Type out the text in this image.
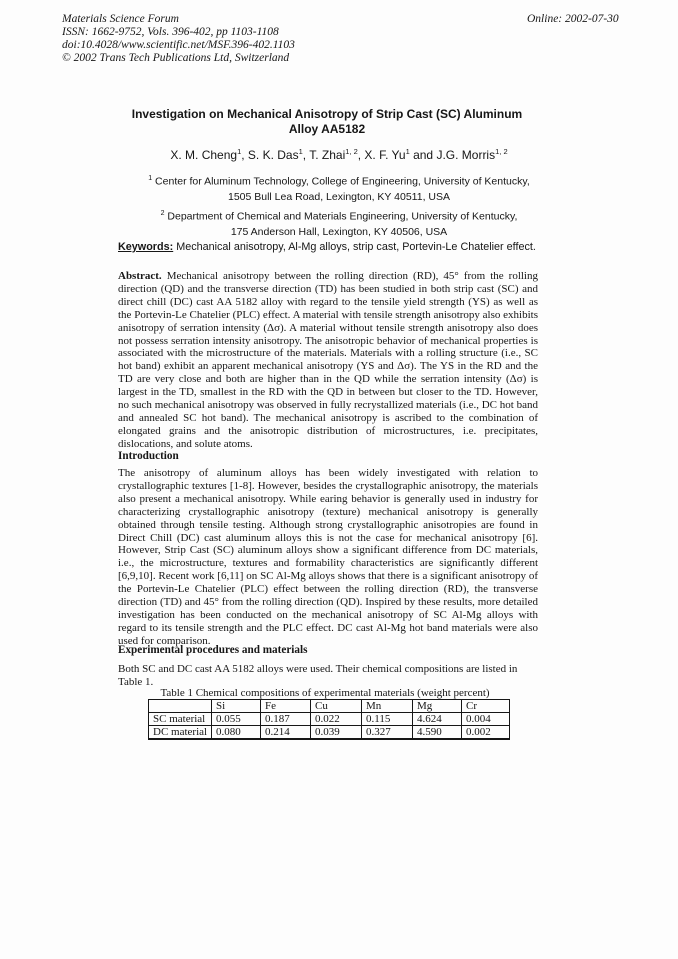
Materials Science Forum
ISSN: 1662-9752, Vols. 396-402, pp 1103-1108
doi:10.4028/www.scientific.net/MSF.396-402.1103
© 2002 Trans Tech Publications Ltd, Switzerland
Online: 2002-07-30
Investigation on Mechanical Anisotropy of Strip Cast (SC) Aluminum
Alloy AA5182
X. M. Cheng$^1$, S. K. Das$^1$, T. Zhai$^{1, 2}$, X. F. Yu$^1$ and J.G. Morris$^{1, 2}$
$^1$ Center for Aluminum Technology, College of Engineering, University of Kentucky,
1505 Bull Lea Road, Lexington, KY 40511, USA
$^2$ Department of Chemical and Materials Engineering, University of Kentucky,
175 Anderson Hall, Lexington, KY 40506, USA
Keywords: Mechanical anisotropy, Al-Mg alloys, strip cast, Portevin-Le Chatelier effect.
Abstract. Mechanical anisotropy between the rolling direction (RD), 45° from the rolling direction (QD) and the transverse direction (TD) has been studied in both strip cast (SC) and direct chill (DC) cast AA 5182 alloy with regard to the tensile yield strength (YS) as well as the Portevin-Le Chatelier (PLC) effect. A material with tensile strength anisotropy also exhibits anisotropy of serration intensity (Δσ). A material without tensile strength anisotropy also does not possess serration intensity anisotropy. The anisotropic behavior of mechanical properties is associated with the microstructure of the materials. Materials with a rolling structure (i.e., SC hot band) exhibit an apparent mechanical anisotropy (YS and Δσ). The YS in the RD and the TD are very close and both are higher than in the QD while the serration intensity (Δσ) is largest in the TD, smallest in the RD with the QD in between but closer to the TD. However, no such mechanical anisotropy was observed in fully recrystallized materials (i.e., DC hot band and annealed SC hot band). The mechanical anisotropy is ascribed to the combination of elongated grains and the anisotropic distribution of microstructures, i.e. precipitates, dislocations, and solute atoms.
Introduction
The anisotropy of aluminum alloys has been widely investigated with relation to crystallographic textures [1-8]. However, besides the crystallographic anisotropy, the materials also present a mechanical anisotropy. While earing behavior is generally used in industry for characterizing crystallographic anisotropy (texture) mechanical anisotropy is generally obtained through tensile testing. Although strong crystallographic anisotropies are found in Direct Chill (DC) cast aluminum alloys this is not the case for mechanical anisotropy [6]. However, Strip Cast (SC) aluminum alloys show a significant difference from DC materials, i.e., the microstructure, textures and formability characteristics are significantly different [6,9,10]. Recent work [6,11] on SC Al-Mg alloys shows that there is a significant anisotropy of the Portevin-Le Chatelier (PLC) effect between the rolling direction (RD), the transverse direction (TD) and 45° from the rolling direction (QD). Inspired by these results, more detailed investigation has been conducted on the mechanical anisotropy of SC Al-Mg alloys with regard to its tensile strength and the PLC effect. DC cast Al-Mg hot band materials were also used for comparison.
Experimental procedures and materials
Both SC and DC cast AA 5182 alloys were used. Their chemical compositions are listed in Table 1.
Table 1 Chemical compositions of experimental materials (weight percent)
	Si	Fe	Cu	Mn	Mg	Cr
SC material	0.055	0.187	0.022	0.115	4.624	0.004
DC material	0.080	0.214	0.039	0.327	4.590	0.002
